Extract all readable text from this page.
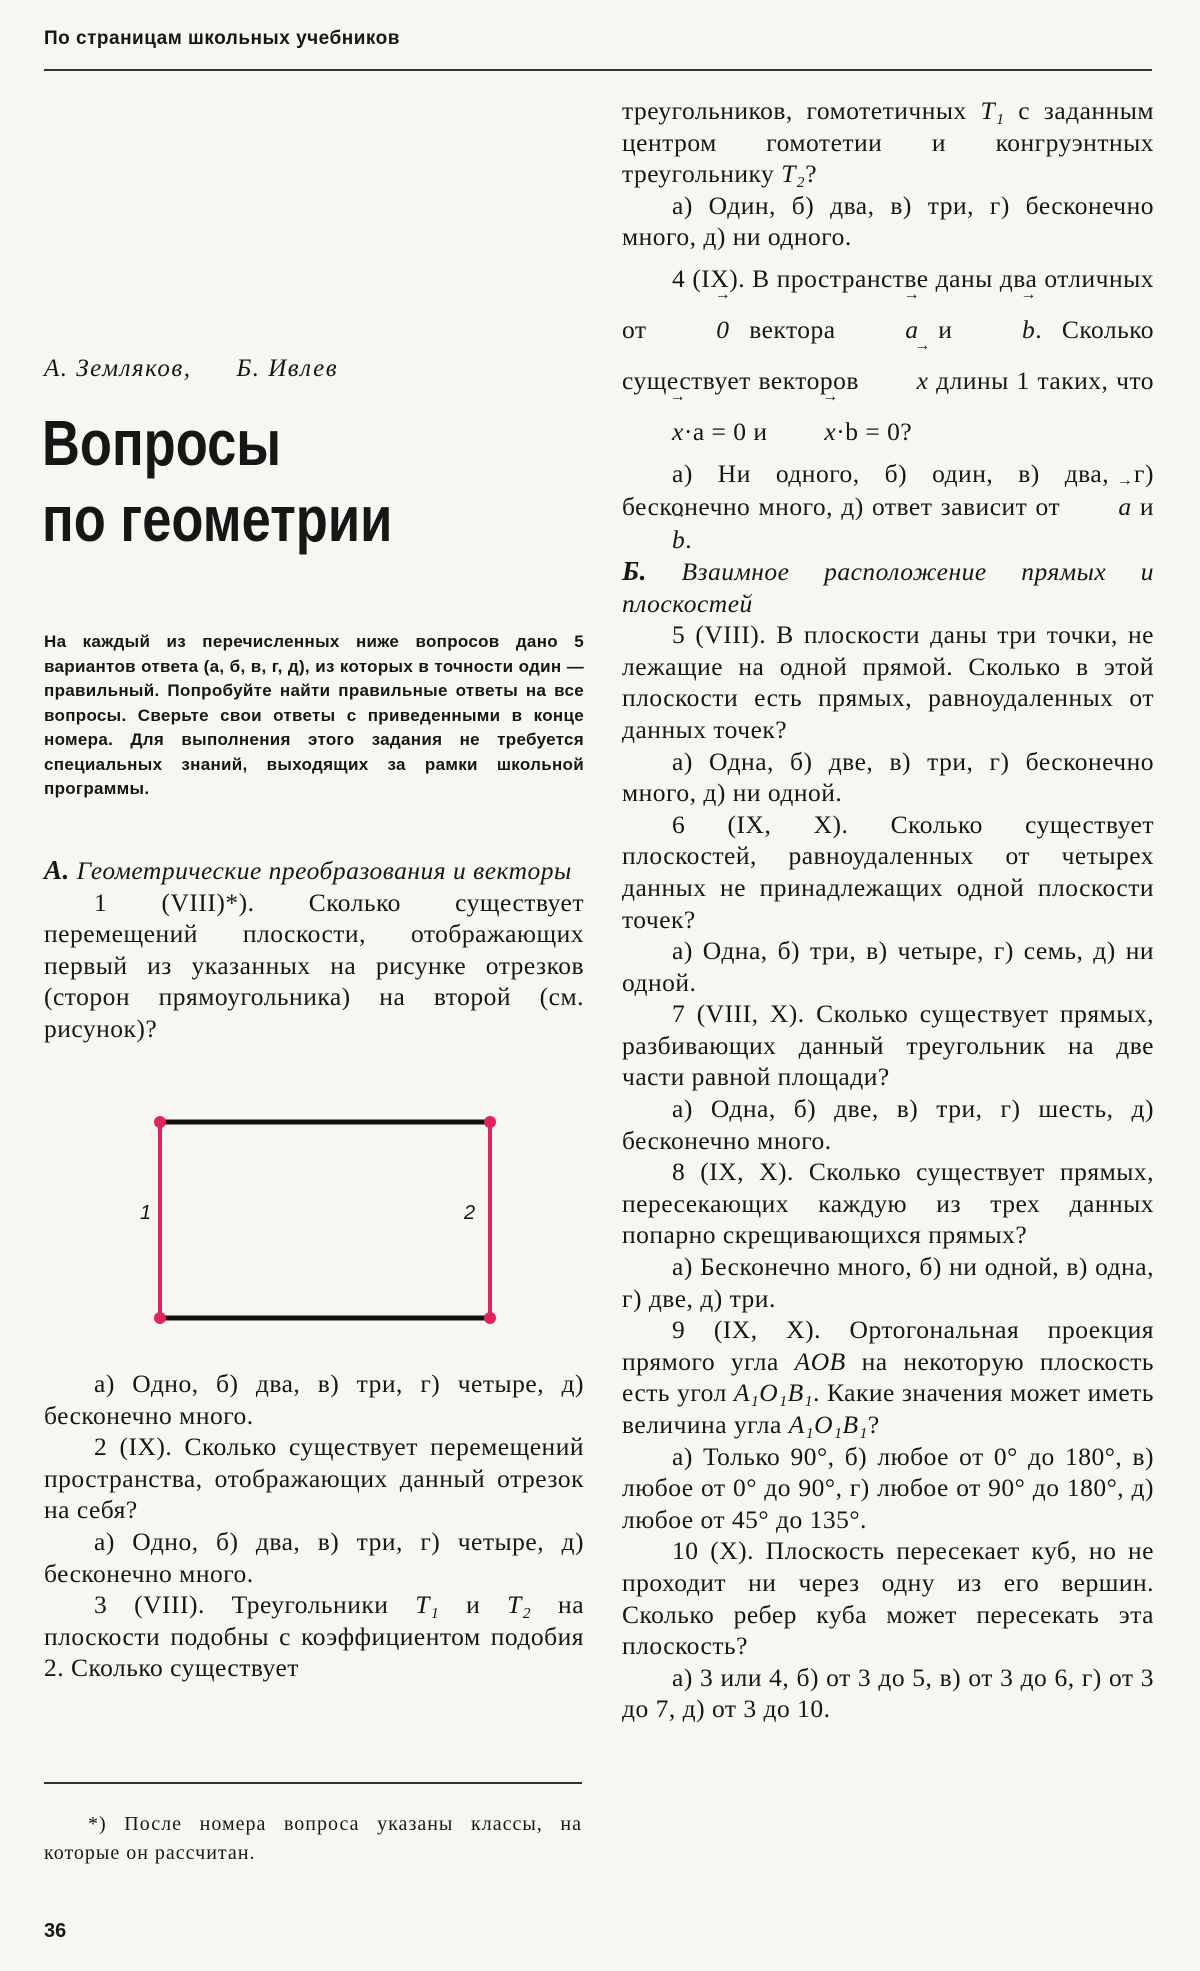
По страницам школьных учебников
А. Земляков, Б. Ивлев
Вопросы
по геометрии
На каждый из перечисленных ниже вопросов дано 5 вариантов ответа (а, б, в, г, д), из которых в точности один — правильный. Попробуйте найти правильные ответы на все вопросы. Сверьте свои ответы с приведенными в конце номера. Для выполнения этого задания не требуется специальных знаний, выходящих за рамки школьной программы.

А. Геометрические преобразования и векторы

1 (VIII)*). Сколько существует перемещений плоскости, отображающих первый из указанных на рисунке отрезков (сторон прямоугольника) на второй (см. рисунок)?

1	2

а) Одно, б) два, в) три, г) четыре, д) бесконечно много.

2 (IX). Сколько существует перемещений пространства, отображающих данный отрезок на себя?

а) Одно, б) два, в) три, г) четыре, д) бесконечно много.

3 (VIII). Треугольники T₁ и T₂ на плоскости подобны с коэффициентом подобия 2. Сколько существует

треугольников, гомотетичных T₁ с заданным центром гомотетии и конгруэнтных треугольнику T₂?

а) Один, б) два, в) три, г) бесконечно много, д) ни одного.

4 (IX). В пространстве даны два отличных от	→ 0 вектора	→ a и	→ b. Сколько существует векторов → x длины 1 таких, что → x·a = 0 и → x·b = 0?

а) Ни одного, б) один, в) два, г) бесконечно много, д) ответ зависит от → a и → b.

Б. Взаимное расположение прямых и плоскостей

5 (VIII). В плоскости даны три точки, не лежащие на одной прямой. Сколько в этой плоскости есть прямых, равноудаленных от данных точек?

а) Одна, б) две, в) три, г) бесконечно много, д) ни одной.

6 (IX, X). Сколько существует плоскостей, равноудаленных от четырех данных не принадлежащих одной плоскости точек?

а) Одна, б) три, в) четыре, г) семь, д) ни одной.

7 (VIII, X). Сколько существует прямых, разбивающих данный треугольник на две части равной площади?

а) Одна, б) две, в) три, г) шесть, д) бесконечно много.

8 (IX, X). Сколько существует прямых, пересекающих каждую из трех данных попарно скрещивающихся прямых?

а) Бесконечно много, б) ни одной, в) одна, г) две, д) три.

9 (IX, X). Ортогональная проекция прямого угла AOB на некоторую плоскость есть угол A₁O₁B₁. Какие значения может иметь величина угла A₁O₁B₁?

а) Только 90°, б) любое от 0° до 180°, в) любое от 0° до 90°, г) любое от 90° до 180°, д) любое от 45° до 135°.

10 (X). Плоскость пересекает куб, но не проходит ни через одну из его вершин. Сколько ребер куба может пересекать эта плоскость?

а) 3 или 4, б) от 3 до 5, в) от 3 до 6, г) от 3 до 7, д) от 3 до 10.

*) После номера вопроса указаны классы, на которые он рассчитан.

36
